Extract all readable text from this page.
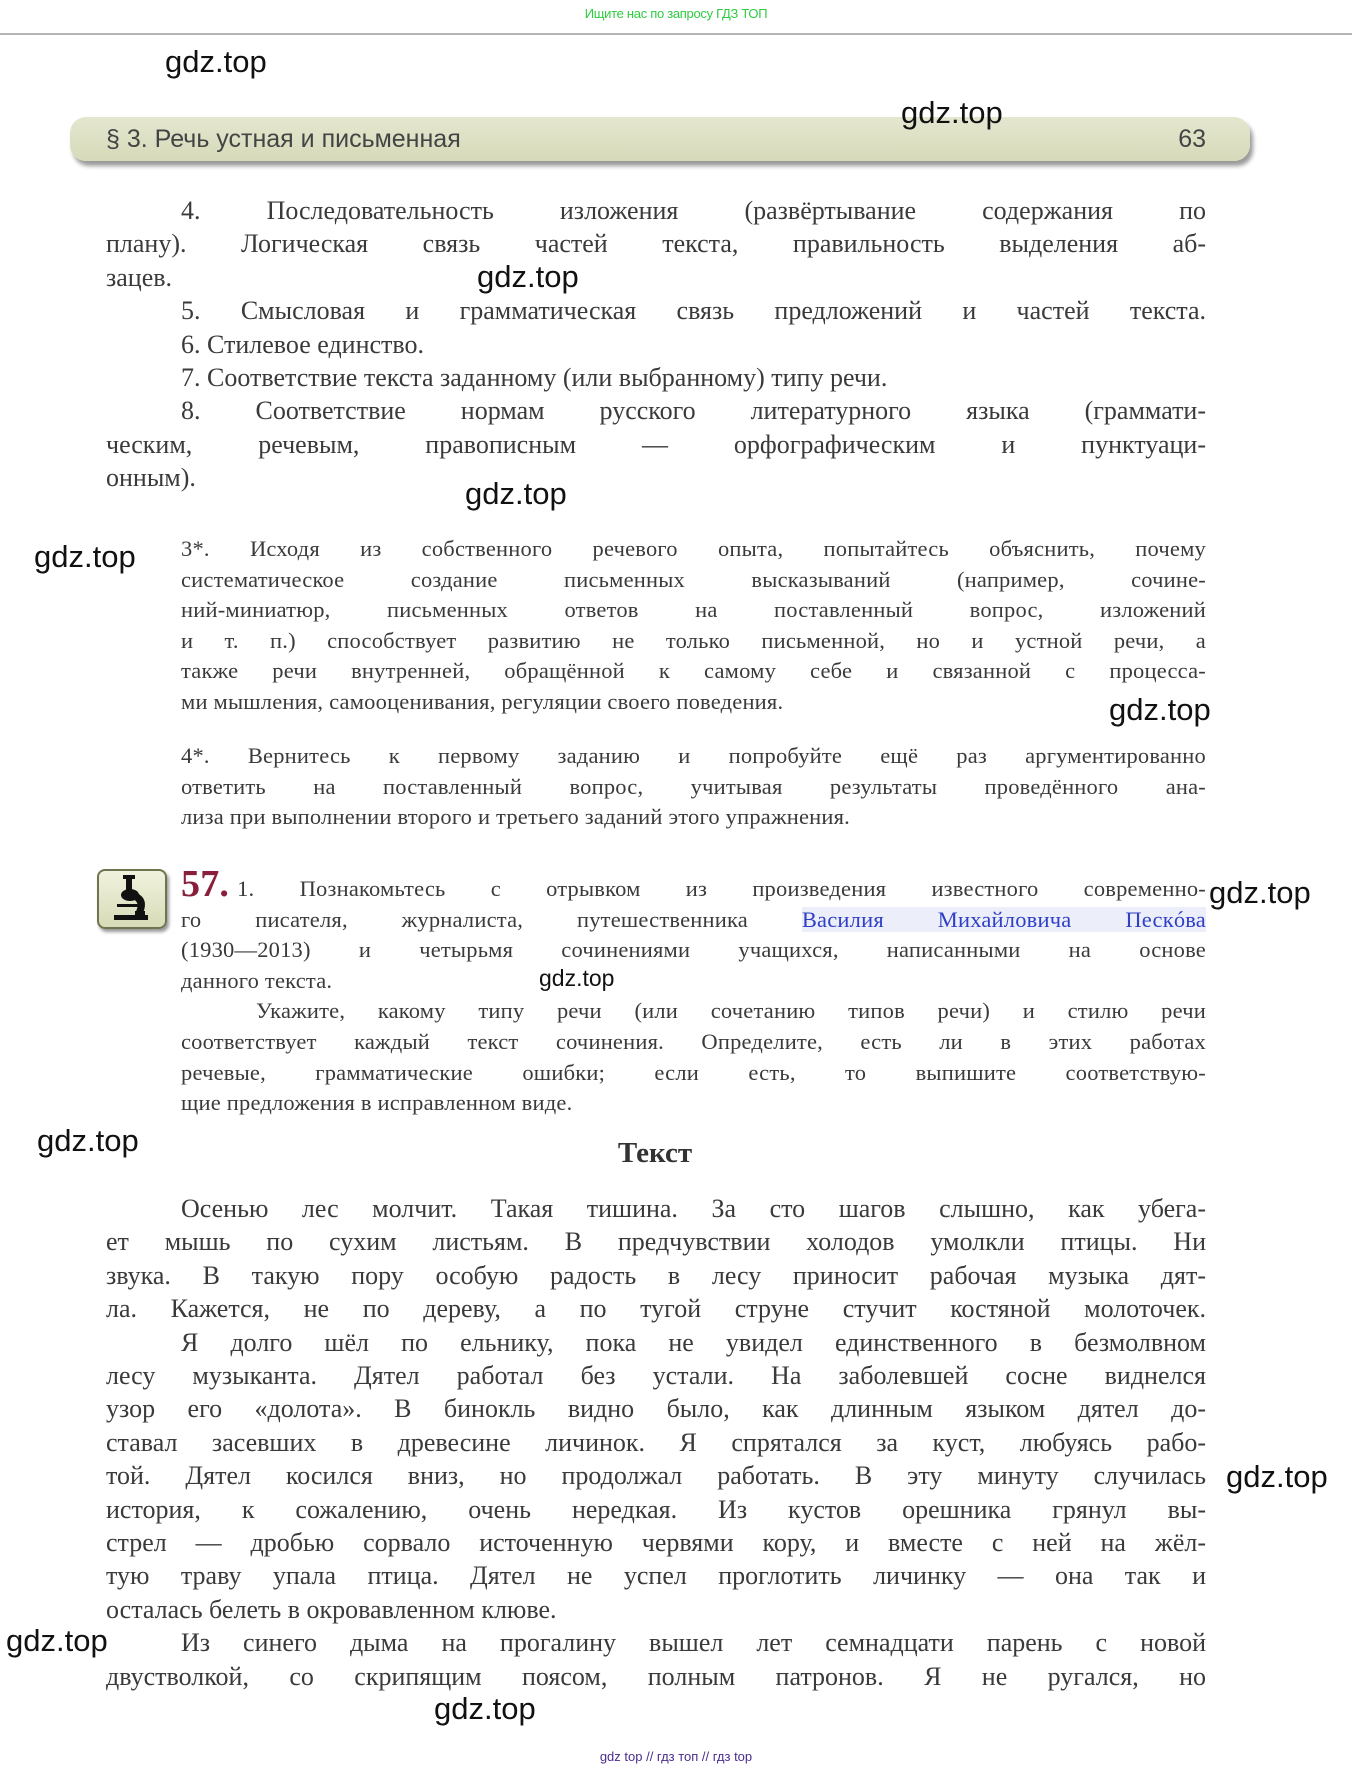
Ищите нас по запросу ГДЗ ТОП
§ 3. Речь устная и письменная	63
4. Последовательность изложения (развёртывание содержания по
плану). Логическая связь частей текста, правильность выделения аб-
зацев.
5. Смысловая и грамматическая связь предложений и частей текста.
6. Стилевое единство.
7. Соответствие текста заданному (или выбранному) типу речи.
8. Соответствие нормам русского литературного языка (граммати-
ческим, речевым, правописным — орфографическим и пунктуаци-
онным).
3*. Исходя из собственного речевого опыта, попытайтесь объяснить, почему
систематическое создание письменных высказываний (например, сочине-
ний-миниатюр, письменных ответов на поставленный вопрос, изложений
и т. п.) способствует развитию не только письменной, но и устной речи, а
также речи внутренней, обращённой к самому себе и связанной с процесса-
ми мышления, самооценивания, регуляции своего поведения.
4*. Вернитесь к первому заданию и попробуйте ещё раз аргументированно
ответить на поставленный вопрос, учитывая результаты проведённого ана-
лиза при выполнении второго и третьего заданий этого упражнения.
57. 1. Познакомьтесь с отрывком из произведения известного современно-
го писателя, журналиста, путешественника Василия Михайловича Пескóва
(1930—2013) и четырьмя сочинениями учащихся, написанными на основе
данного текста.
Укажите, какому типу речи (или сочетанию типов речи) и стилю речи
соответствует каждый текст сочинения. Определите, есть ли в этих работах
речевые, грамматические ошибки; если есть, то выпишите соответствую-
щие предложения в исправленном виде.
Текст
Осенью лес молчит. Такая тишина. За сто шагов слышно, как убега-
ет мышь по сухим листьям. В предчувствии холодов умолкли птицы. Ни
звука. В такую пору особую радость в лесу приносит рабочая музыка дят-
ла. Кажется, не по дереву, а по тугой струне стучит костяной молоточек.
Я долго шёл по ельнику, пока не увидел единственного в безмолвном
лесу музыканта. Дятел работал без устали. На заболевшей сосне виднелся
узор его «долота». В бинокль видно было, как длинным языком дятел до-
ставал засевших в древесине личинок. Я спрятался за куст, любуясь рабо-
той. Дятел косился вниз, но продолжал работать. В эту минуту случилась
история, к сожалению, очень нередкая. Из кустов орешника грянул вы-
стрел — дробью сорвало источенную червями кору, и вместе с ней на жёл-
тую траву упала птица. Дятел не успел проглотить личинку — она так и
осталась белеть в окровавленном клюве.
Из синего дыма на прогалину вышел лет семнадцати парень с новой
двустволкой, со скрипящим поясом, полным патронов. Я не ругался, но
gdz.top
gdz.top
gdz.top
gdz.top
gdz.top
gdz.top
gdz.top
gdz.top
gdz.top
gdz.top
gdz.top
gdz.top
gdz top // гдз топ // гдз top
